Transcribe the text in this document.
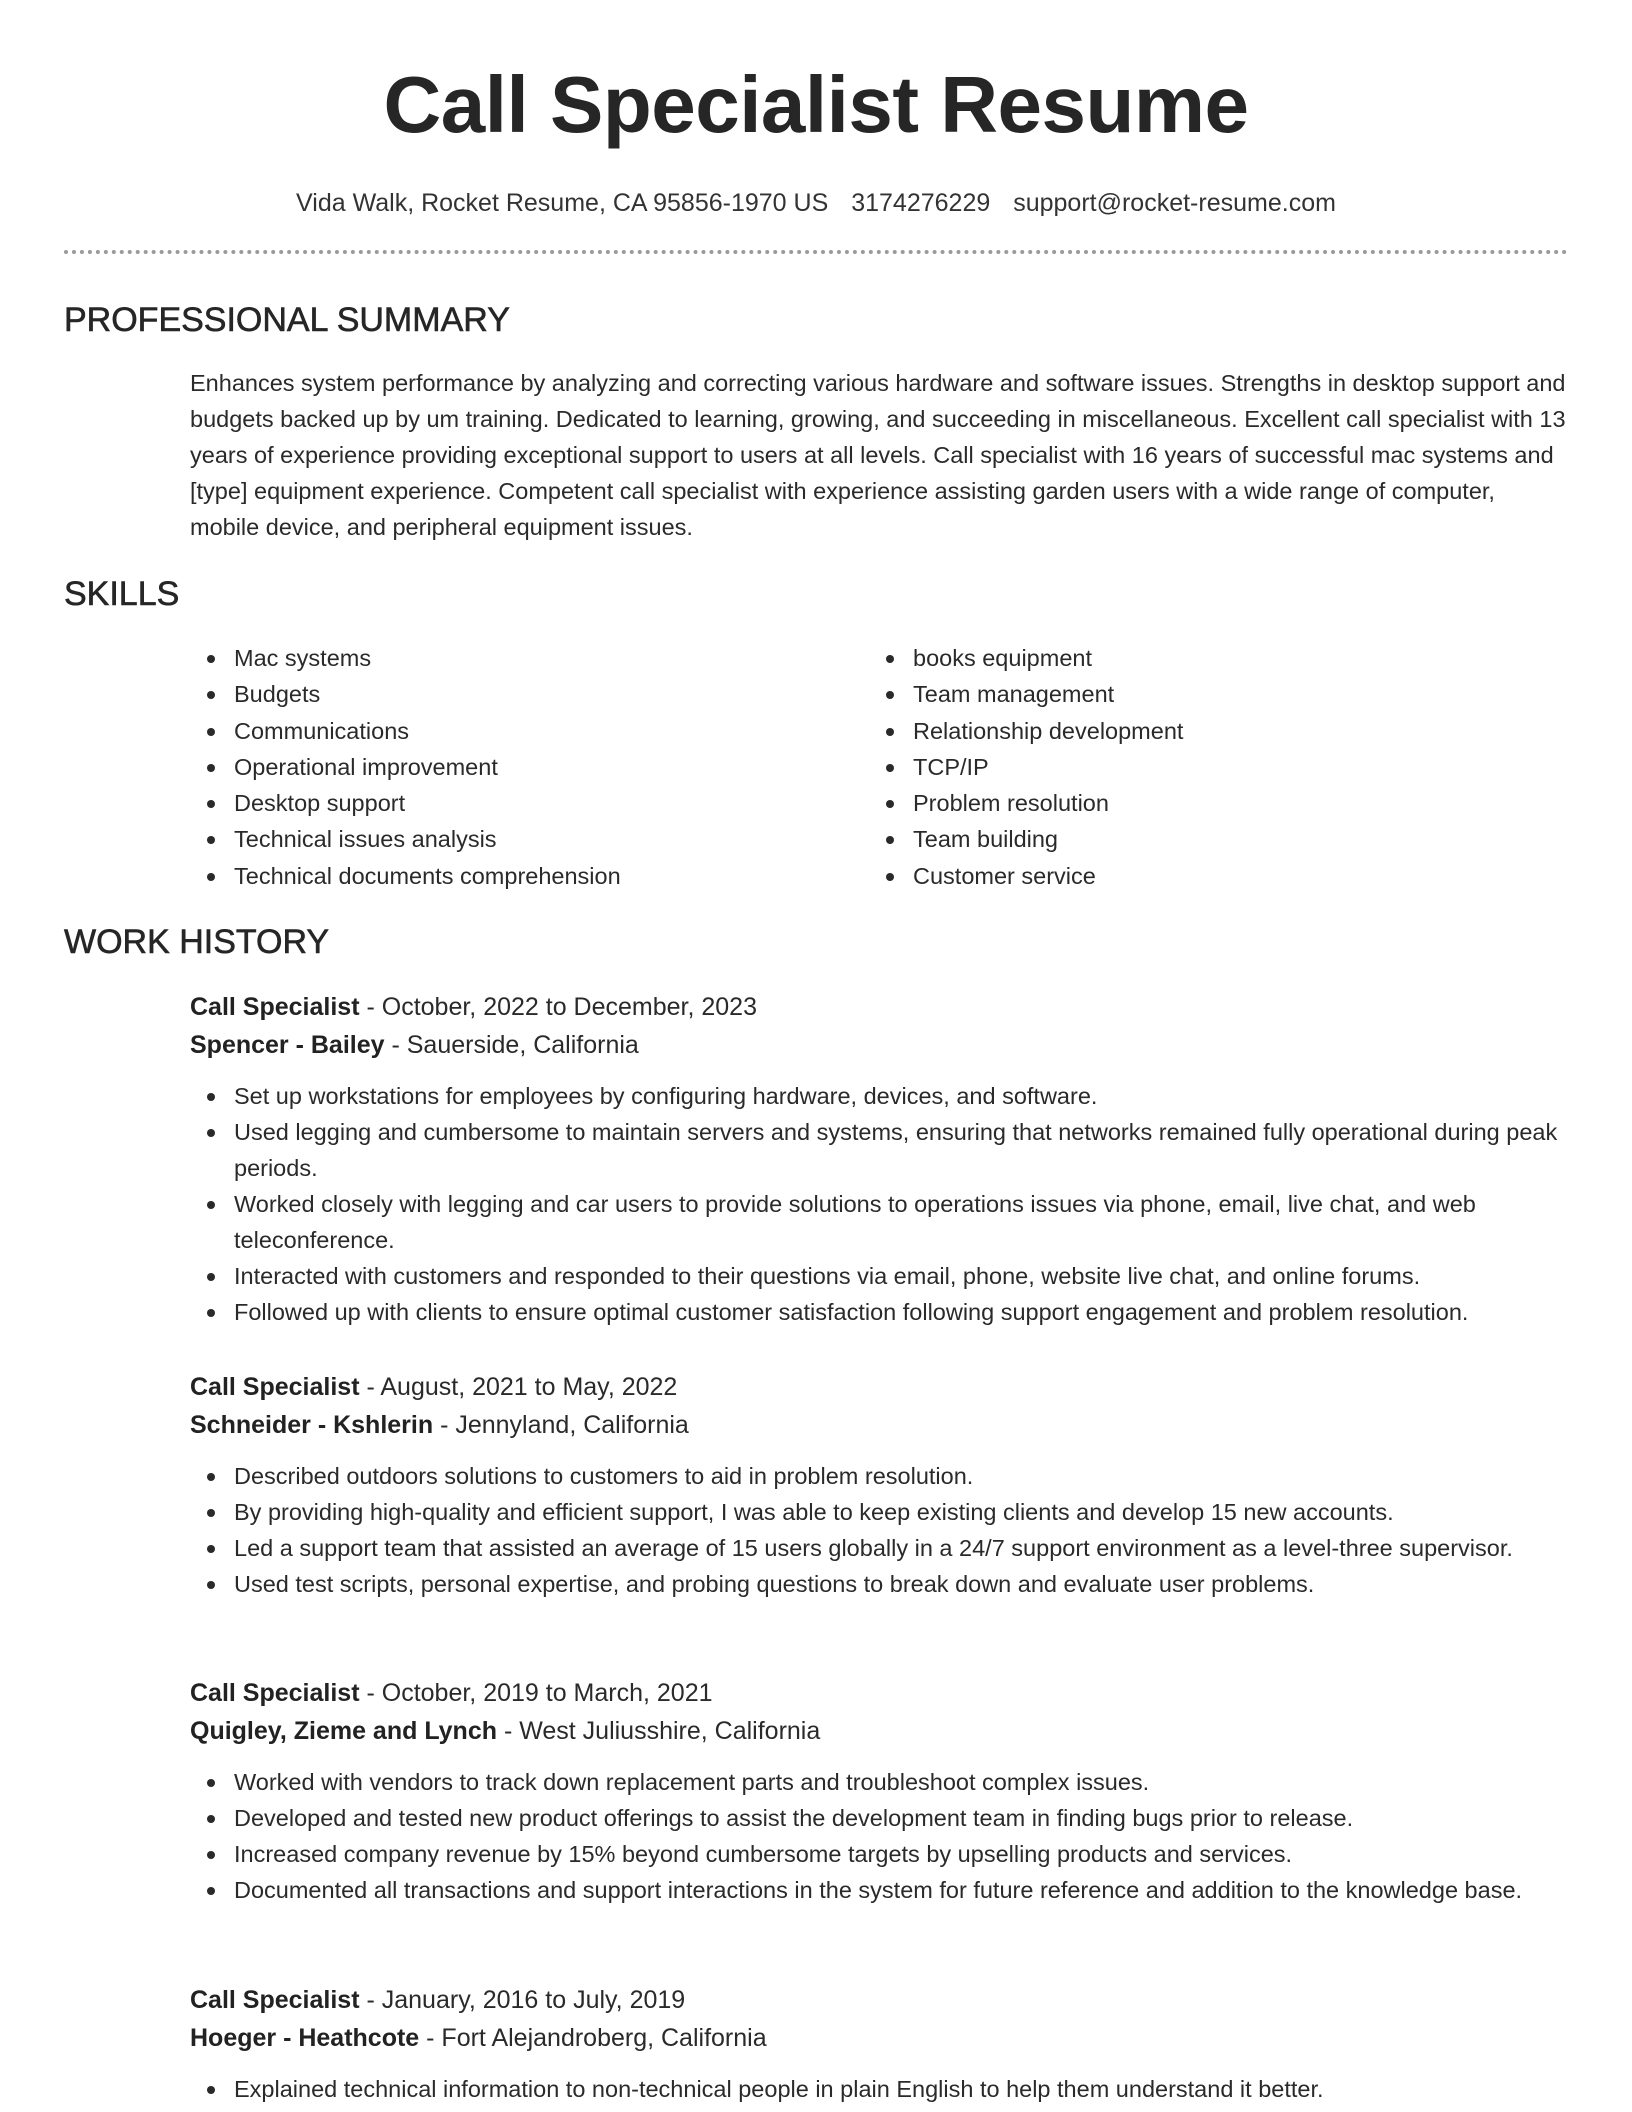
Call Specialist Resume
Vida Walk, Rocket Resume, CA 95856-1970 US 3174276229 support@rocket-resume.com
PROFESSIONAL SUMMARY

Enhances system performance by analyzing and correcting various hardware and software issues. Strengths in desktop support and budgets backed up by um training. Dedicated to learning, growing, and succeeding in miscellaneous. Excellent call specialist with 13 years of experience providing exceptional support to users at all levels. Call specialist with 16 years of successful mac systems and [type] equipment experience. Competent call specialist with experience assisting garden users with a wide range of computer, mobile device, and peripheral equipment issues.

SKILLS
Mac systems
Budgets
Communications
Operational improvement
Desktop support
Technical issues analysis
Technical documents comprehension
books equipment
Team management
Relationship development
TCP/IP
Problem resolution
Team building
Customer service
WORK HISTORY
Call Specialist - October, 2022 to December, 2023
Spencer - Bailey - Sauerside, California
Set up workstations for employees by configuring hardware, devices, and software.
Used legging and cumbersome to maintain servers and systems, ensuring that networks remained fully operational during peak periods.
Worked closely with legging and car users to provide solutions to operations issues via phone, email, live chat, and web teleconference.
Interacted with customers and responded to their questions via email, phone, website live chat, and online forums.
Followed up with clients to ensure optimal customer satisfaction following support engagement and problem resolution.
Call Specialist - August, 2021 to May, 2022
Schneider - Kshlerin - Jennyland, California
Described outdoors solutions to customers to aid in problem resolution.
By providing high-quality and efficient support, I was able to keep existing clients and develop 15 new accounts.
Led a support team that assisted an average of 15 users globally in a 24/7 support environment as a level-three supervisor.
Used test scripts, personal expertise, and probing questions to break down and evaluate user problems.
Call Specialist - October, 2019 to March, 2021
Quigley, Zieme and Lynch - West Juliusshire, California
Worked with vendors to track down replacement parts and troubleshoot complex issues.
Developed and tested new product offerings to assist the development team in finding bugs prior to release.
Increased company revenue by 15% beyond cumbersome targets by upselling products and services.
Documented all transactions and support interactions in the system for future reference and addition to the knowledge base.
Call Specialist - January, 2016 to July, 2019
Hoeger - Heathcote - Fort Alejandroberg, California
Explained technical information to non-technical people in plain English to help them understand it better.
